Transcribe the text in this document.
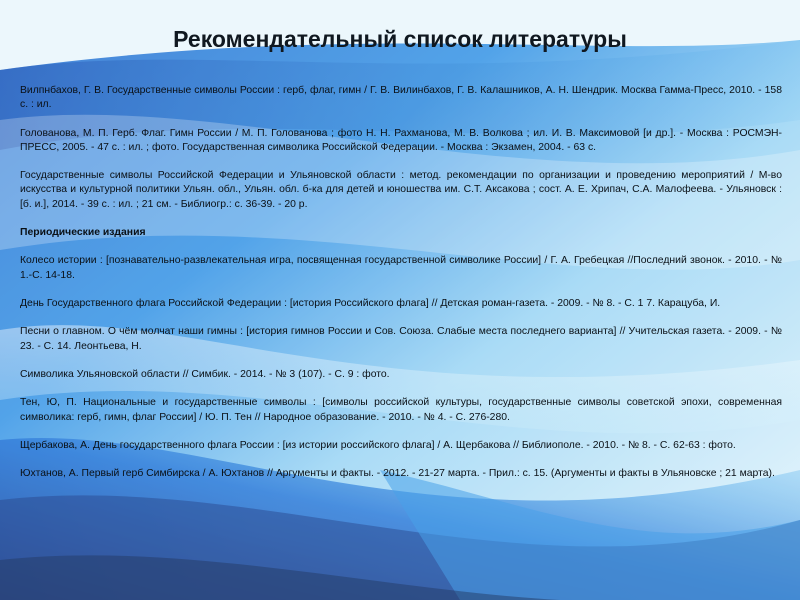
Рекомендательный список литературы

Вилпнбахов, Г. В. Государственные символы России : герб, флаг, гимн / Г. В. Вилинбахов, Г. В. Калашников, А. Н. Шендрик. Москва Гамма-Пресс, 2010. - 158 с. : ил.

Голованова, М. П. Герб. Флаг. Гимн России / М. П. Голованова ; фото Н. Н. Рахманова, М. В. Волкова ; ил. И. В. Максимовой [и др.]. - Москва : РОСМЭН-ПРЕСС, 2005. - 47 с. : ил. ; фото. Государственная символика Российской Федерации. - Москва : Экзамен, 2004. - 63 с.

Государственные символы Российской Федерации и Ульяновской области : метод. рекомендации по организации и проведению мероприятий / М-во искусства и культурной политики Ульян. обл., Ульян. обл. б-ка для детей и юношества им. С.Т. Аксакова ; сост. А. Е. Хрипач, С.А. Малофеева. - Ульяновск : [б. и.], 2014. - 39 с. : ил. ; 21 см. - Библиогр.: с. 36-39. - 20 р.

Периодические издания

Колесо истории : [познавательно-развлекательная игра, посвященная государственной символике России] / Г. А. Гребецкая //Последний звонок. - 2010. - № 1.-С. 14-18.

День Государственного флага Российской Федерации : [история Российского флага] // Детская роман-газета. - 2009. - № 8. - С. 1 7. Карацуба, И.

Песни о главном. О чём молчат наши гимны : [история гимнов России и Сов. Союза. Слабые места последнего варианта] // Учительская газета. - 2009. - № 23. - С. 14. Леонтьева, Н.

Символика Ульяновской области // Симбик. - 2014. - № 3 (107). - С. 9 : фото.

Тен, Ю, П. Национальные и государственные символы : [символы российской культуры, государственные символы советской эпохи, современная символика: герб, гимн, флаг России] / Ю. П. Тен // Народное образование. - 2010. - № 4. - С. 276-280.

Щербакова, А. День государственного флага России : [из истории российского флага] / А. Щербакова // Библиополе. - 2010. - № 8. - С. 62-63 : фото.

Юхтанов, А. Первый герб Симбирска / А. Юхтанов // Аргументы и факты. - 2012. - 21-27 марта. - Прил.: с. 15. (Аргументы и факты в Ульяновске ; 21 марта).
